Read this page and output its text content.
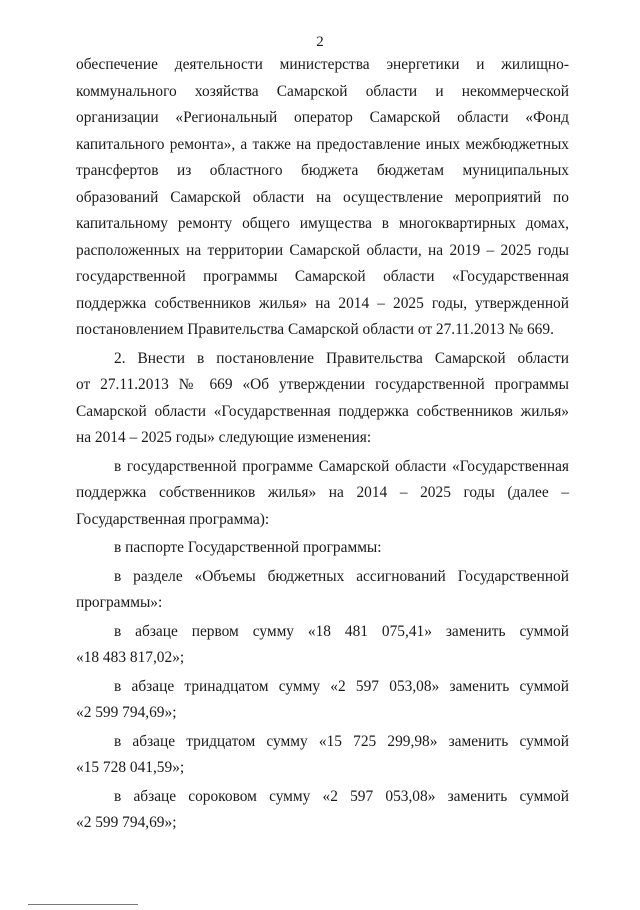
2

обеспечение деятельности министерства энергетики и жилищно-
коммунального хозяйства Самарской области и некоммерческой
организации «Региональный оператор Самарской области «Фонд
капитального ремонта», а также на предоставление иных межбюджетных
трансфертов из областного бюджета бюджетам муниципальных
образований Самарской области на осуществление мероприятий по
капитальному ремонту общего имущества в многоквартирных домах,
расположенных на территории Самарской области, на 2019 – 2025 годы
государственной программы Самарской области «Государственная
поддержка собственников жилья» на 2014 – 2025 годы, утвержденной
постановлением Правительства Самарской области от 27.11.2013 № 669.

2. Внести в постановление Правительства Самарской области
от 27.11.2013 № 669 «Об утверждении государственной программы
Самарской области «Государственная поддержка собственников жилья»
на 2014 – 2025 годы» следующие изменения:

в государственной программе Самарской области «Государственная
поддержка собственников жилья» на 2014 – 2025 годы (далее –
Государственная программа):

в паспорте Государственной программы:

в разделе «Объемы бюджетных ассигнований Государственной
программы»:

в абзаце первом сумму «18 481 075,41» заменить суммой
«18 483 817,02»;

в абзаце тринадцатом сумму «2 597 053,08» заменить суммой
«2 599 794,69»;

в абзаце тридцатом сумму «15 725 299,98» заменить суммой
«15 728 041,59»;

в абзаце сороковом сумму «2 597 053,08» заменить суммой
«2 599 794,69»;
